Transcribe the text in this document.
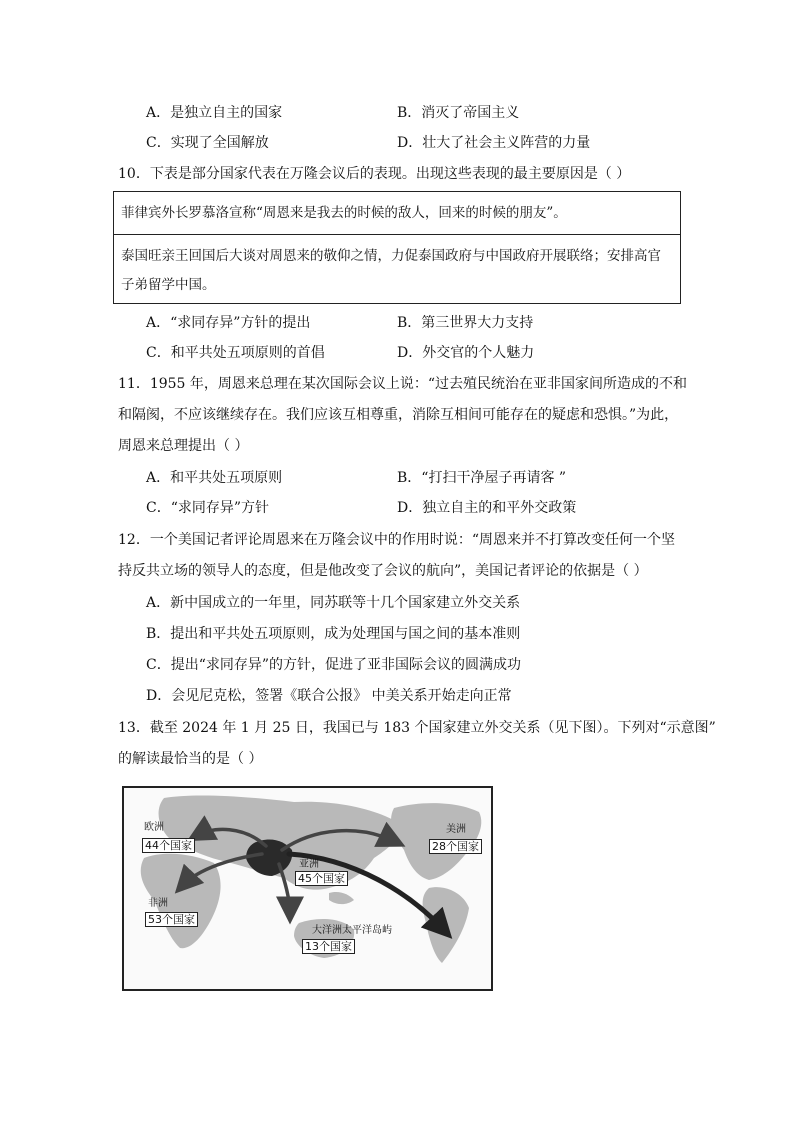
A．是独立自主的国家	B．消灭了帝国主义
C．实现了全国解放	D．壮大了社会主义阵营的力量
10．下表是部分国家代表在万隆会议后的表现。出现这些表现的最主要原因是（ ）
菲律宾外长罗慕洛宣称“周恩来是我去的时候的敌人，回来的时候的朋友”。
泰国旺亲王回国后大谈对周恩来的敬仰之情，力促泰国政府与中国政府开展联络；安排高官
子弟留学中国。
A．“求同存异”方针的提出	B．第三世界大力支持
C．和平共处五项原则的首倡	D．外交官的个人魅力
11．1955 年，周恩来总理在某次国际会议上说：“过去殖民统治在亚非国家间所造成的不和
和隔阂，不应该继续存在。我们应该互相尊重，消除互相间可能存在的疑虑和恐惧。”为此，
周恩来总理提出（ ）
A．和平共处五项原则	B．“打扫干净屋子再请客 ”
C．“求同存异”方针	D．独立自主的和平外交政策
12．一个美国记者评论周恩来在万隆会议中的作用时说：“周恩来并不打算改变任何一个坚
持反共立场的领导人的态度，但是他改变了会议的航向”，美国记者评论的依据是（ ）
A．新中国成立的一年里，同苏联等十几个国家建立外交关系
B．提出和平共处五项原则，成为处理国与国之间的基本准则
C．提出“求同存异”的方针，促进了亚非国际会议的圆满成功
D．会见尼克松，签署《联合公报》 中美关系开始走向正常
13．截至 2024 年 1 月 25 日，我国已与 183 个国家建立外交关系（见下图）。下列对“示意图”
的解读最恰当的是（ ）
欧洲
44个国家
美洲
28个国家
亚洲
45个国家
非洲
53个国家
大洋洲太平洋岛屿
13个国家
